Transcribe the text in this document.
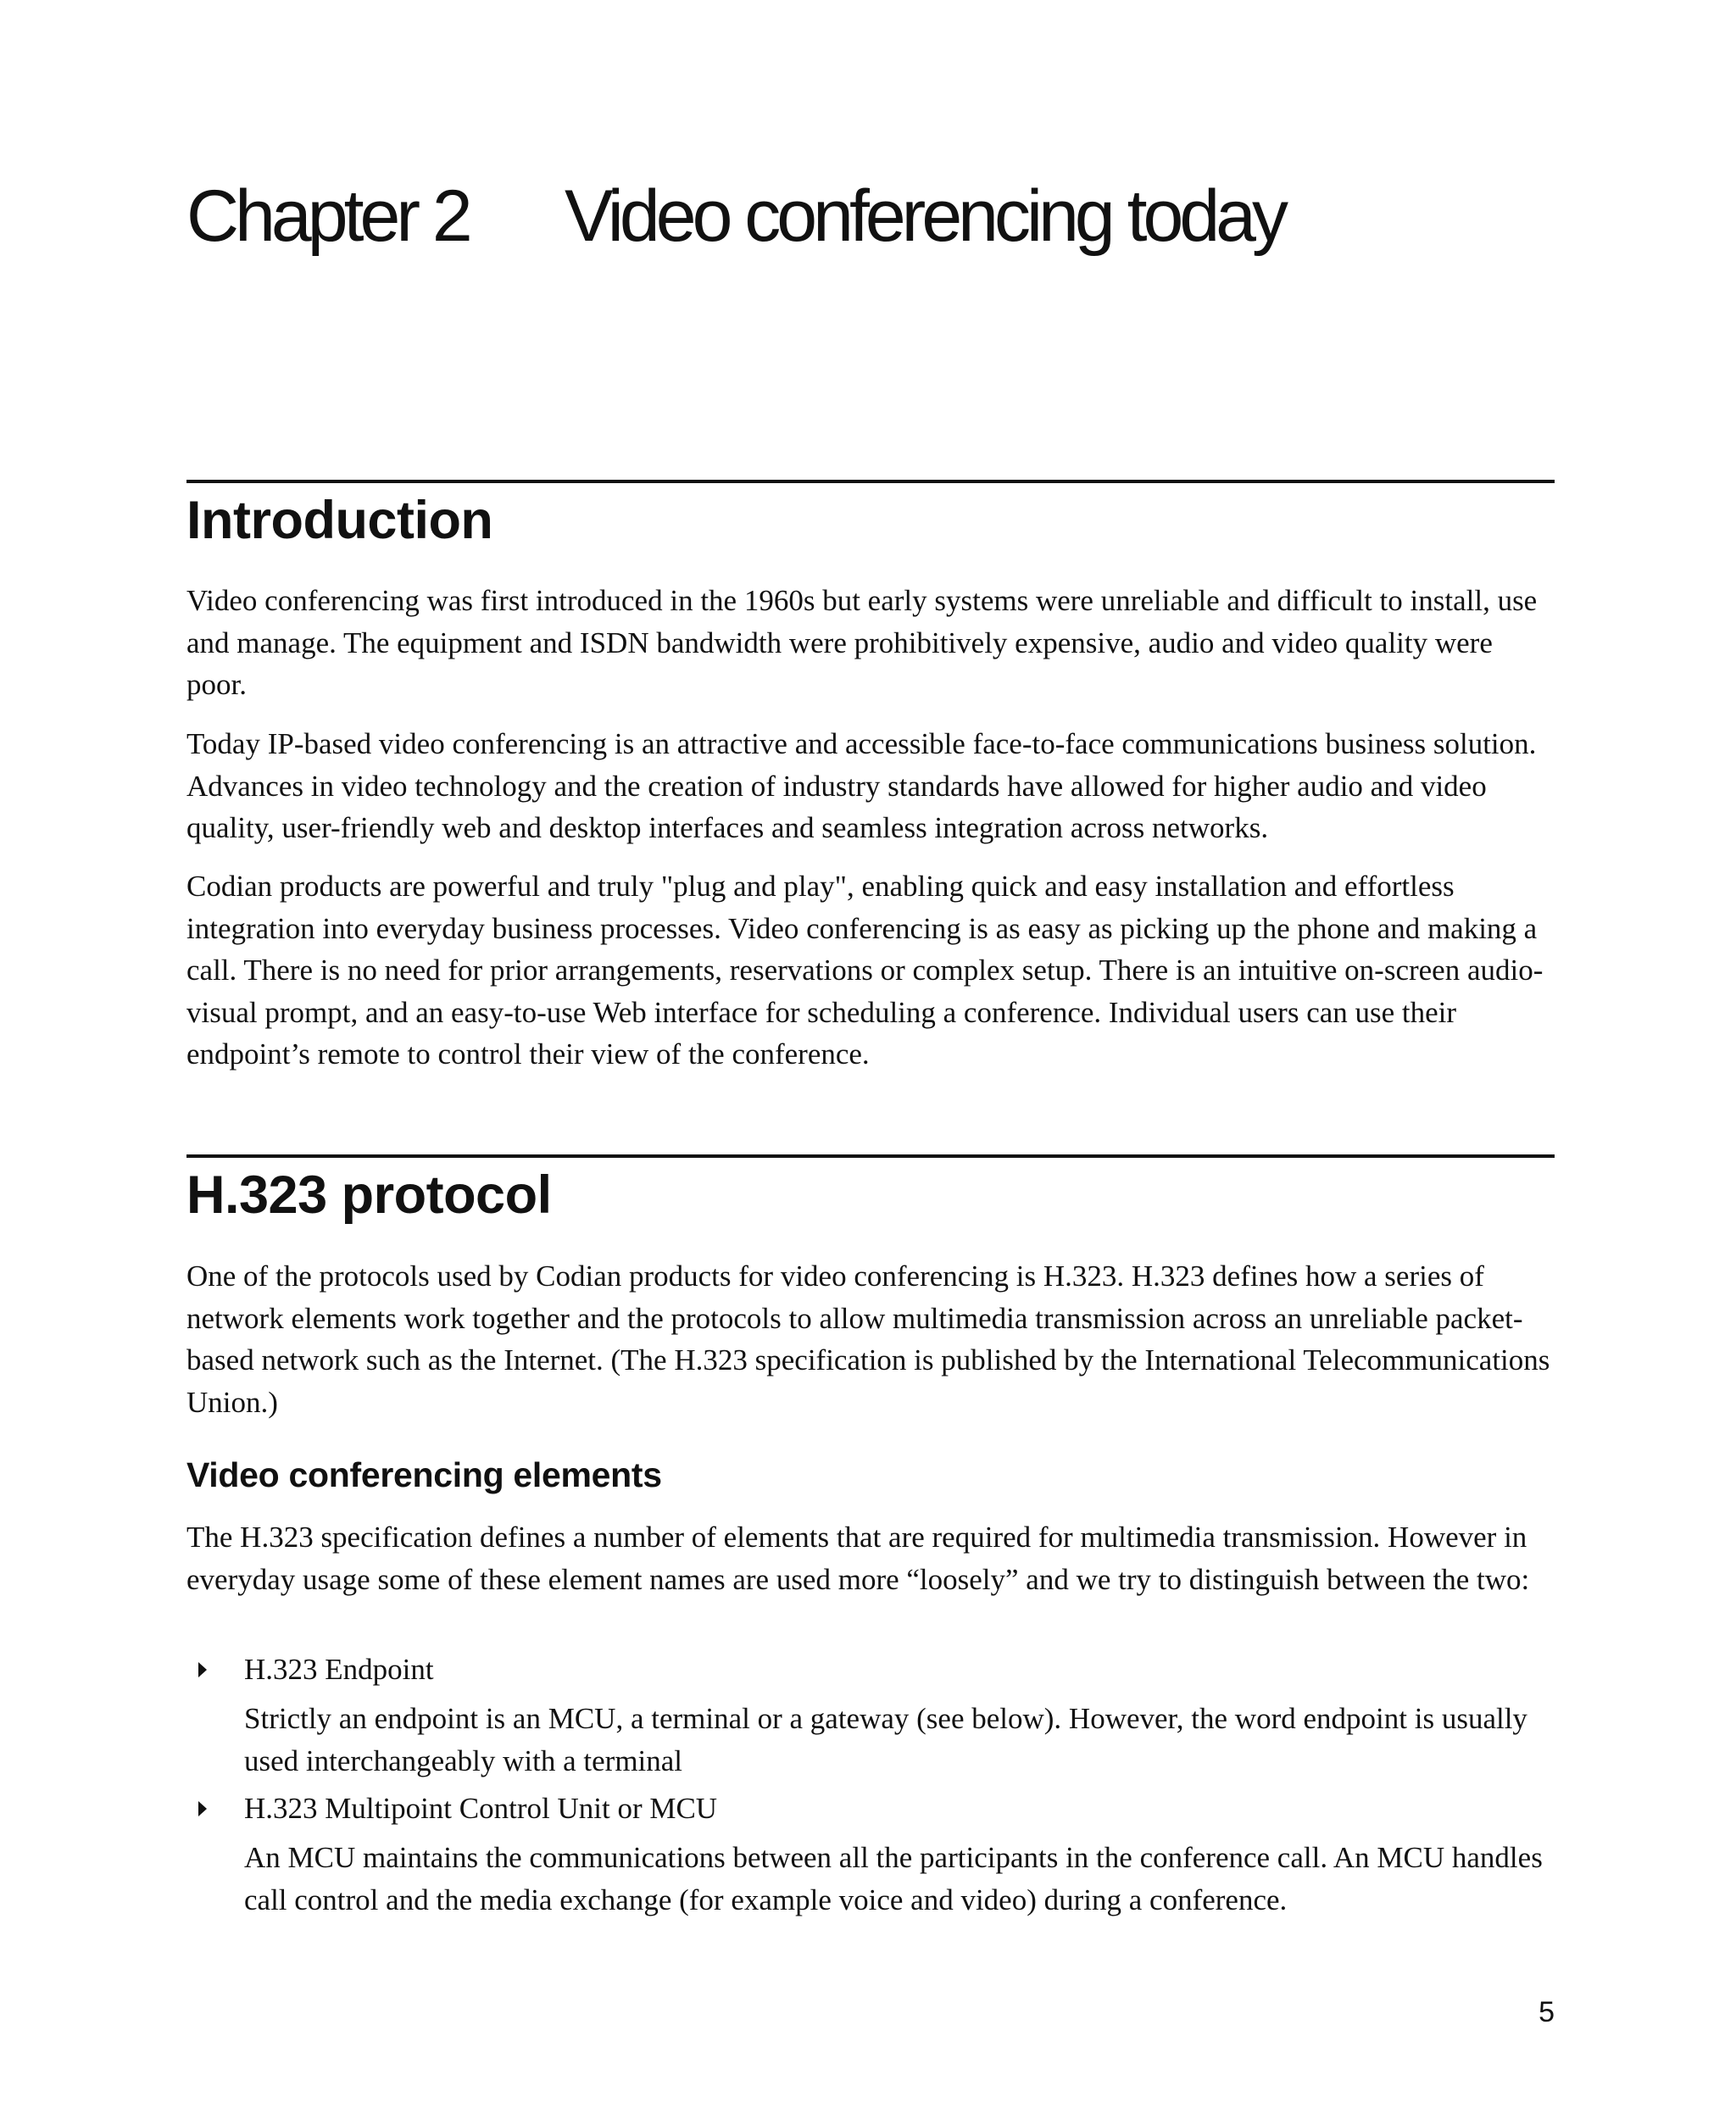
Chapter 2 Video conferencing today
Introduction

Video conferencing was first introduced in the 1960s but early systems were unreliable and difficult to install, use and manage. The equipment and ISDN bandwidth were prohibitively expensive, audio and video quality were poor.

Today IP-based video conferencing is an attractive and accessible face-to-face communications business solution. Advances in video technology and the creation of industry standards have allowed for higher audio and video quality, user-friendly web and desktop interfaces and seamless integration across networks.

Codian products are powerful and truly "plug and play", enabling quick and easy installation and effortless integration into everyday business processes. Video conferencing is as easy as picking up the phone and making a call. There is no need for prior arrangements, reservations or complex setup. There is an intuitive on-screen audio-visual prompt, and an easy-to-use Web interface for scheduling a conference. Individual users can use their endpoint’s remote to control their view of the conference.

H.323 protocol

One of the protocols used by Codian products for video conferencing is H.323. H.323 defines how a series of network elements work together and the protocols to allow multimedia transmission across an unreliable packet-based network such as the Internet. (The H.323 specification is published by the International Telecommunications Union.)

Video conferencing elements

The H.323 specification defines a number of elements that are required for multimedia transmission. However in everyday usage some of these element names are used more “loosely” and we try to distinguish between the two:

H.323 Endpoint

Strictly an endpoint is an MCU, a terminal or a gateway (see below). However, the word endpoint is usually used interchangeably with a terminal

H.323 Multipoint Control Unit or MCU

An MCU maintains the communications between all the participants in the conference call. An MCU handles call control and the media exchange (for example voice and video) during a conference.

5
